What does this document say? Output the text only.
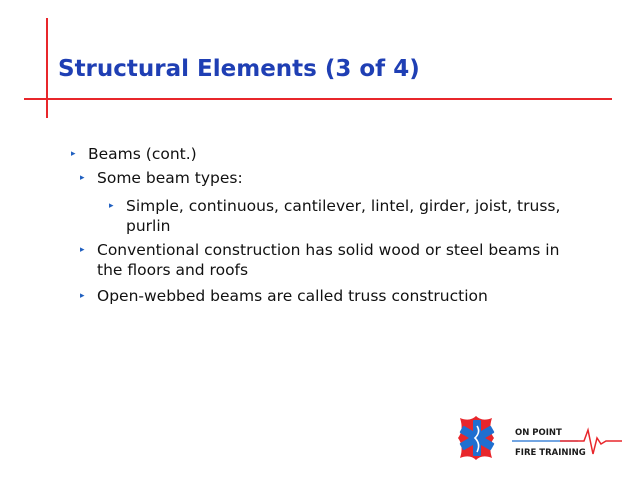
Structural Elements (3 of 4)
▸ Beams (cont.)
▸ Some beam types:
▸ Simple, continuous, cantilever, lintel, girder, joist, truss, purlin
▸ Conventional construction has solid wood or steel beams in the floors and roofs
▸ Open-webbed beams are called truss construction
ON POINT
FIRE TRAINING
